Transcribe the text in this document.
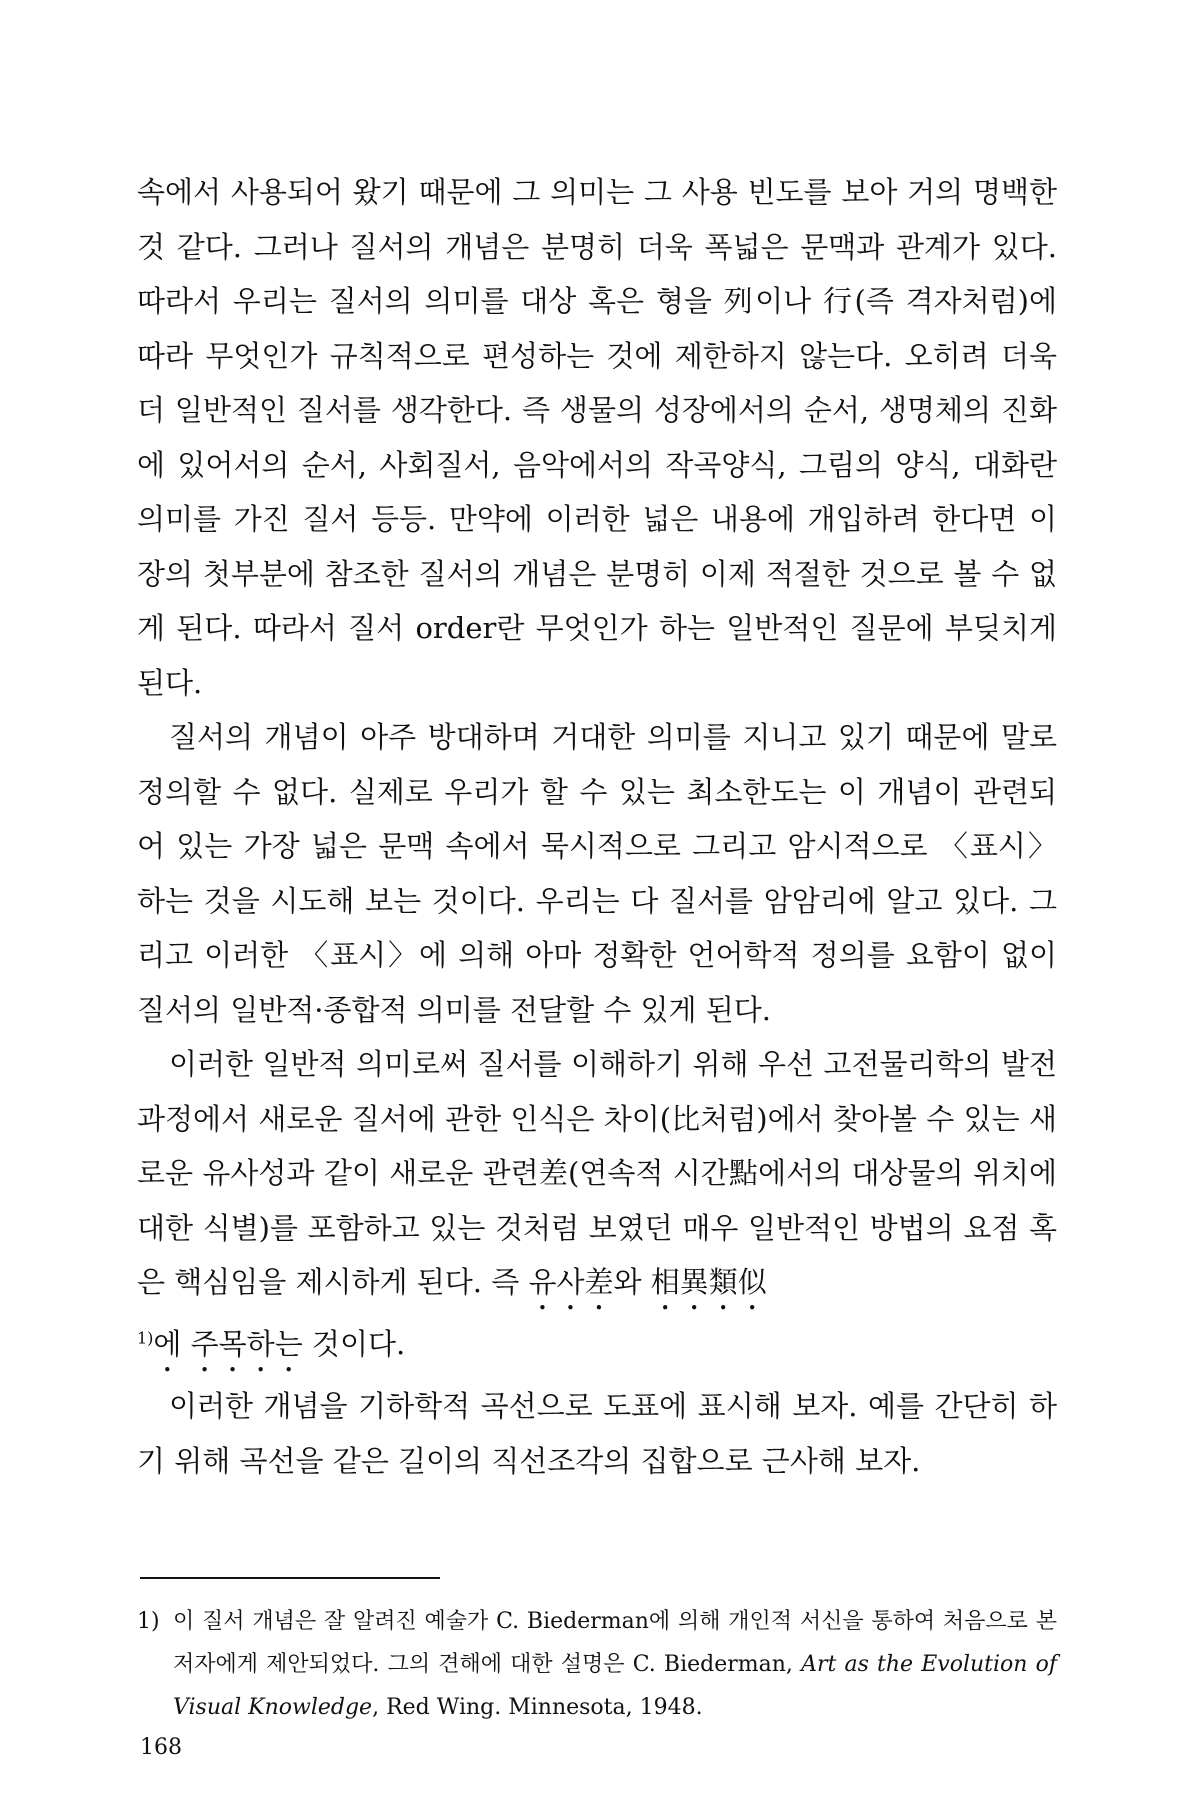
속에서 사용되어 왔기 때문에 그 의미는 그 사용 빈도를 보아 거의 명백한 것 같다. 그러나 질서의 개념은 분명히 더욱 폭넓은 문맥과 관계가 있다. 따라서 우리는 질서의 의미를 대상 혹은 형을 列이나 行(즉 격자처럼)에 따라 무엇인가 규칙적으로 편성하는 것에 제한하지 않는다. 오히려 더욱 더 일반적인 질서를 생각한다. 즉 생물의 성장에서의 순서, 생명체의 진화에 있어서의 순서, 사회질서, 음악에서의 작곡양식, 그림의 양식, 대화란 의미를 가진 질서 등등. 만약에 이러한 넓은 내용에 개입하려 한다면 이 장의 첫부분에 참조한 질서의 개념은 분명히 이제 적절한 것으로 볼 수 없게 된다. 따라서 질서 order란 무엇인가 하는 일반적인 질문에 부딪치게 된다.

질서의 개념이 아주 방대하며 거대한 의미를 지니고 있기 때문에 말로 정의할 수 없다. 실제로 우리가 할 수 있는 최소한도는 이 개념이 관련되어 있는 가장 넓은 문맥 속에서 묵시적으로 그리고 암시적으로 〈표시〉하는 것을 시도해 보는 것이다. 우리는 다 질서를 암암리에 알고 있다. 그리고 이러한 〈표시〉에 의해 아마 정확한 언어학적 정의를 요함이 없이 질서의 일반적·종합적 의미를 전달할 수 있게 된다.

이러한 일반적 의미로써 질서를 이해하기 위해 우선 고전물리학의 발전과정에서 새로운 질서에 관한 인식은 차이(比처럼)에서 찾아볼 수 있는 새로운 유사성과 같이 새로운 관련差(연속적 시간點에서의 대상물의 위치에 대한 식별)를 포함하고 있는 것처럼 보였던 매우 일반적인 방법의 요점 혹은 핵심임을 제시하게 된다. 즉 유사差와 相異類似
$^{1)}$에 주목하는 것이다.

이러한 개념을 기하학적 곡선으로 도표에 표시해 보자. 예를 간단히 하기 위해 곡선을 같은 길이의 직선조각의 집합으로 근사해 보자.

1) 이 질서 개념은 잘 알려진 예술가 C. Biederman에 의해 개인적 서신을 통하여 처음으로 본 저자에게 제안되었다. 그의 견해에 대한 설명은 C. Biederman, Art as the Evolution of Visual Knowledge, Red Wing. Minnesota, 1948.
168
